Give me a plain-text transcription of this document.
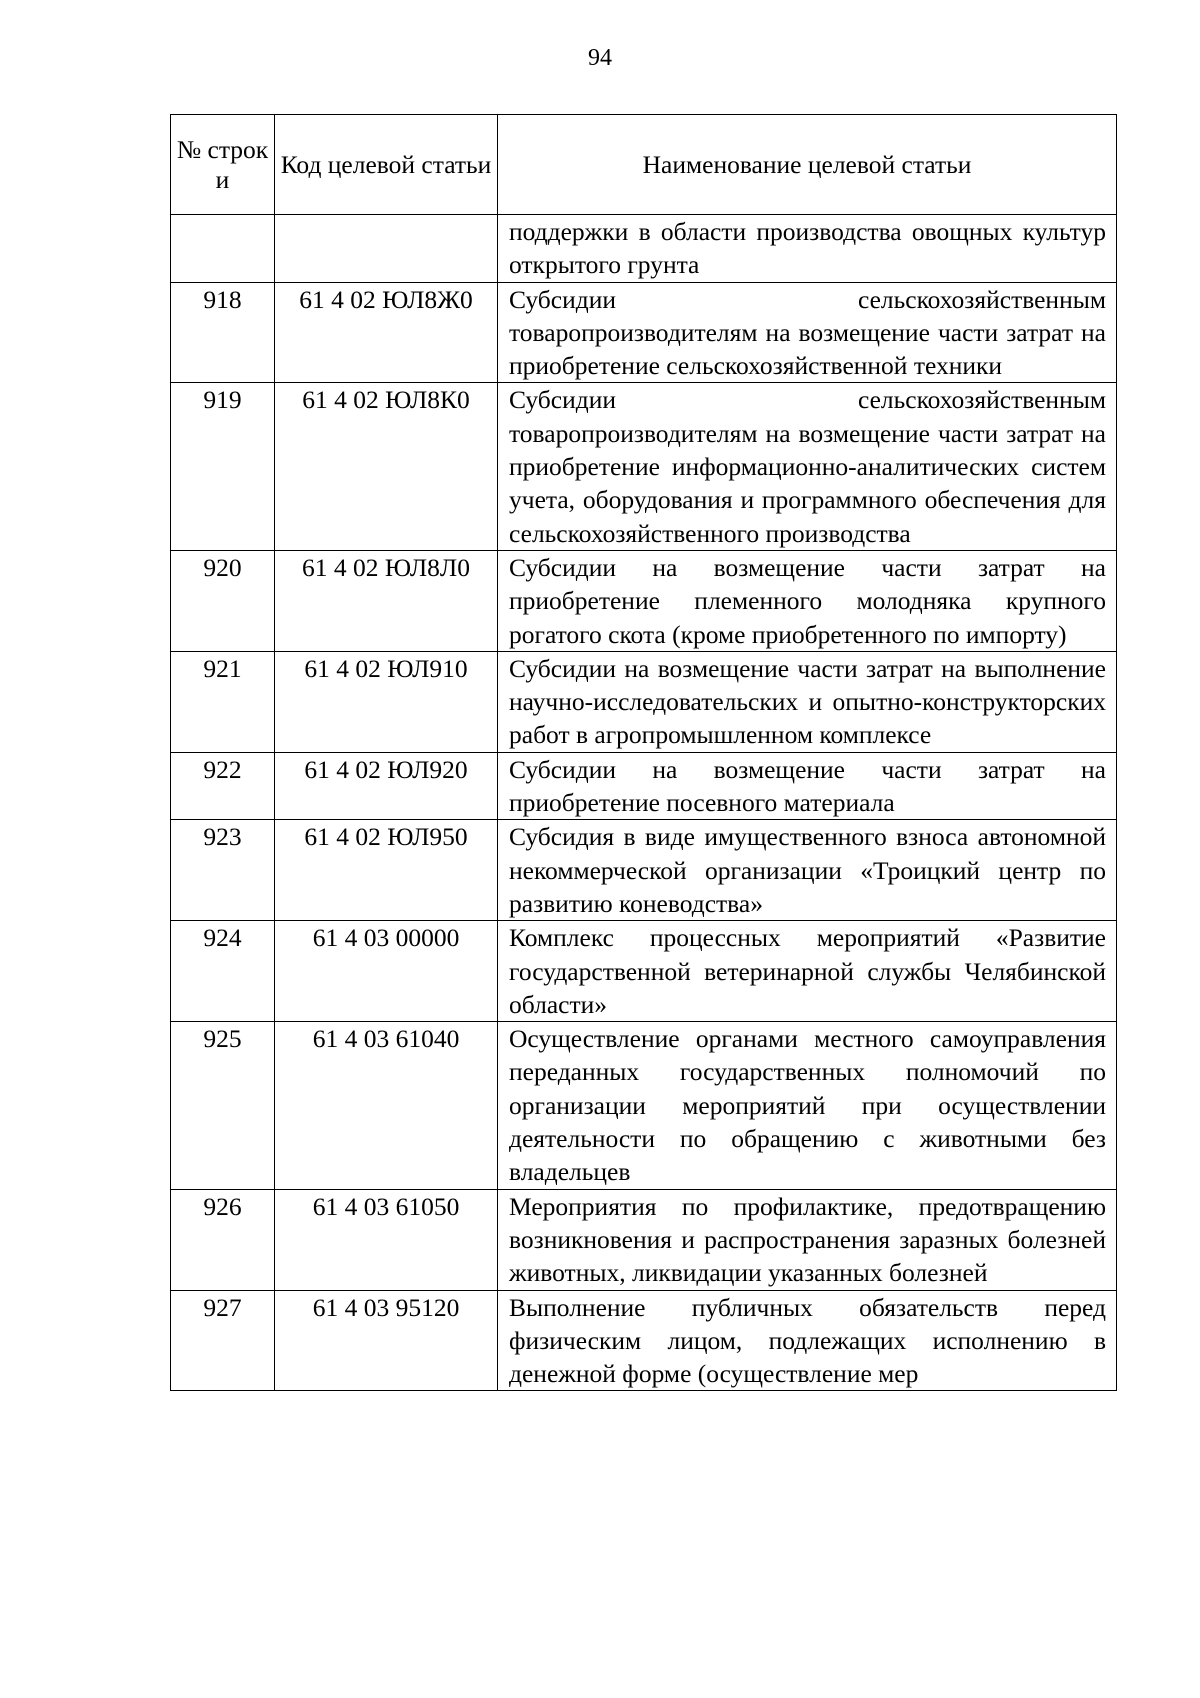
94
№ строк и	Код целевой статьи	Наименование целевой статьи
		поддержки в области производства овощных культур открытого грунта
918	61 4 02 ЮЛ8Ж0	Субсидии сельскохозяйственным товаропроизводителям на возмещение части затрат на приобретение сельскохозяйственной техники
919	61 4 02 ЮЛ8К0	Субсидии сельскохозяйственным товаропроизводителям на возмещение части затрат на приобретение информационно-аналитических систем учета, оборудования и программного обеспечения для сельскохозяйственного производства
920	61 4 02 ЮЛ8Л0	Субсидии на возмещение части затрат на приобретение племенного молодняка крупного рогатого скота (кроме приобретенного по импорту)
921	61 4 02 ЮЛ910	Субсидии на возмещение части затрат на выполнение научно-исследовательских и опытно-конструкторских работ в агропромышленном комплексе
922	61 4 02 ЮЛ920	Субсидии на возмещение части затрат на приобретение посевного материала
923	61 4 02 ЮЛ950	Субсидия в виде имущественного взноса автономной некоммерческой организации «Троицкий центр по развитию коневодства»
924	61 4 03 00000	Комплекс процессных мероприятий «Развитие государственной ветеринарной службы Челябинской области»
925	61 4 03 61040	Осуществление органами местного самоуправления переданных государственных полномочий по организации мероприятий при осуществлении деятельности по обращению с животными без владельцев
926	61 4 03 61050	Мероприятия по профилактике, предотвращению возникновения и распространения заразных болезней животных, ликвидации указанных болезней
927	61 4 03 95120	Выполнение публичных обязательств перед физическим лицом, подлежащих исполнению в денежной форме (осуществление мер
